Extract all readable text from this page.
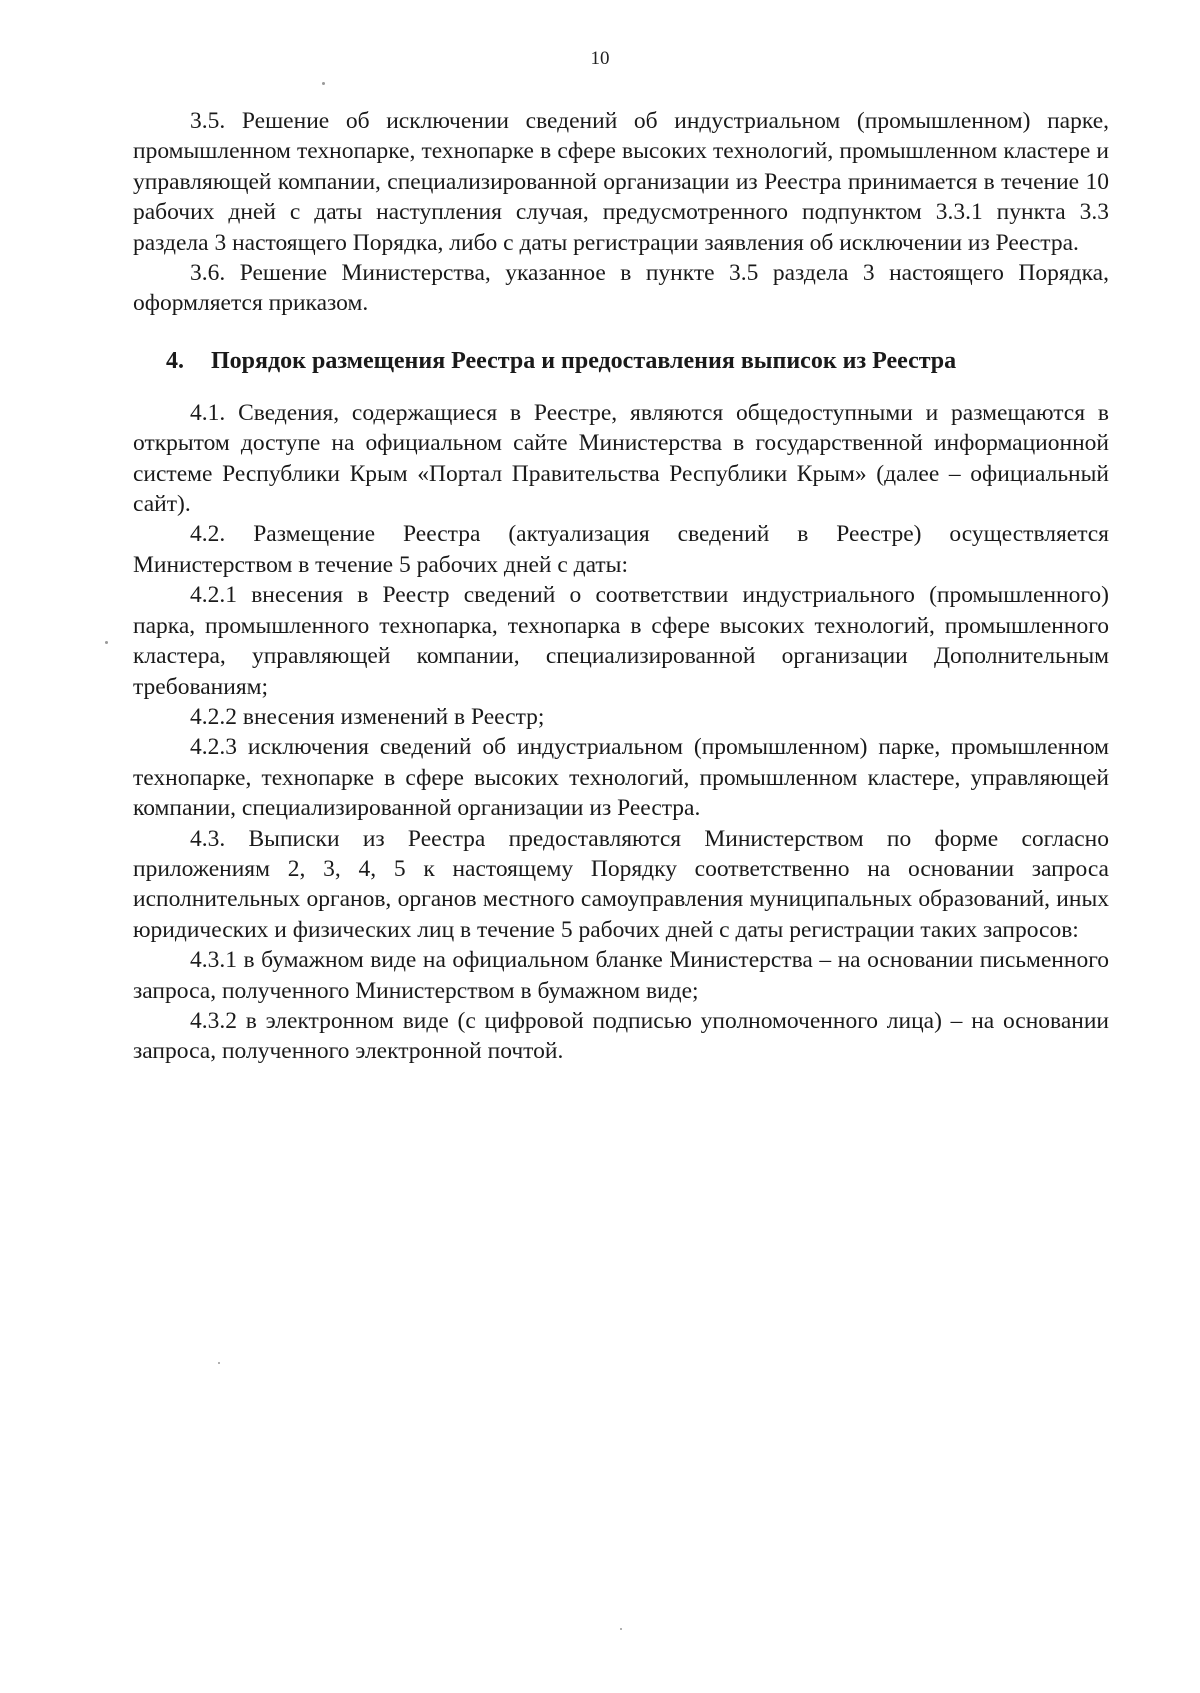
10

3.5. Решение об исключении сведений об индустриальном (промышленном) парке, промышленном технопарке, технопарке в сфере высоких технологий, промышленном кластере и управляющей компании, специализированной организации из Реестра принимается в течение 10 рабочих дней с даты наступления случая, предусмотренного подпунктом 3.3.1 пункта 3.3 раздела 3 настоящего Порядка, либо с даты регистрации заявления об исключении из Реестра.

3.6. Решение Министерства, указанное в пункте 3.5 раздела 3 настоящего Порядка, оформляется приказом.

4. Порядок размещения Реестра и предоставления выписок из Реестра

4.1. Сведения, содержащиеся в Реестре, являются общедоступными и размещаются в открытом доступе на официальном сайте Министерства в государственной информационной системе Республики Крым «Портал Правительства Республики Крым» (далее – официальный сайт).

4.2. Размещение Реестра (актуализация сведений в Реестре) осуществляется Министерством в течение 5 рабочих дней с даты:

4.2.1 внесения в Реестр сведений о соответствии индустриального (промышленного) парка, промышленного технопарка, технопарка в сфере высоких технологий, промышленного кластера, управляющей компании, специализированной организации Дополнительным требованиям;

4.2.2 внесения изменений в Реестр;

4.2.3 исключения сведений об индустриальном (промышленном) парке, промышленном технопарке, технопарке в сфере высоких технологий, промышленном кластере, управляющей компании, специализированной организации из Реестра.

4.3. Выписки из Реестра предоставляются Министерством по форме согласно приложениям 2, 3, 4, 5 к настоящему Порядку соответственно на основании запроса исполнительных органов, органов местного самоуправления муниципальных образований, иных юридических и физических лиц в течение 5 рабочих дней с даты регистрации таких запросов:

4.3.1 в бумажном виде на официальном бланке Министерства – на основании письменного запроса, полученного Министерством в бумажном виде;

4.3.2 в электронном виде (с цифровой подписью уполномоченного лица) – на основании запроса, полученного электронной почтой.
